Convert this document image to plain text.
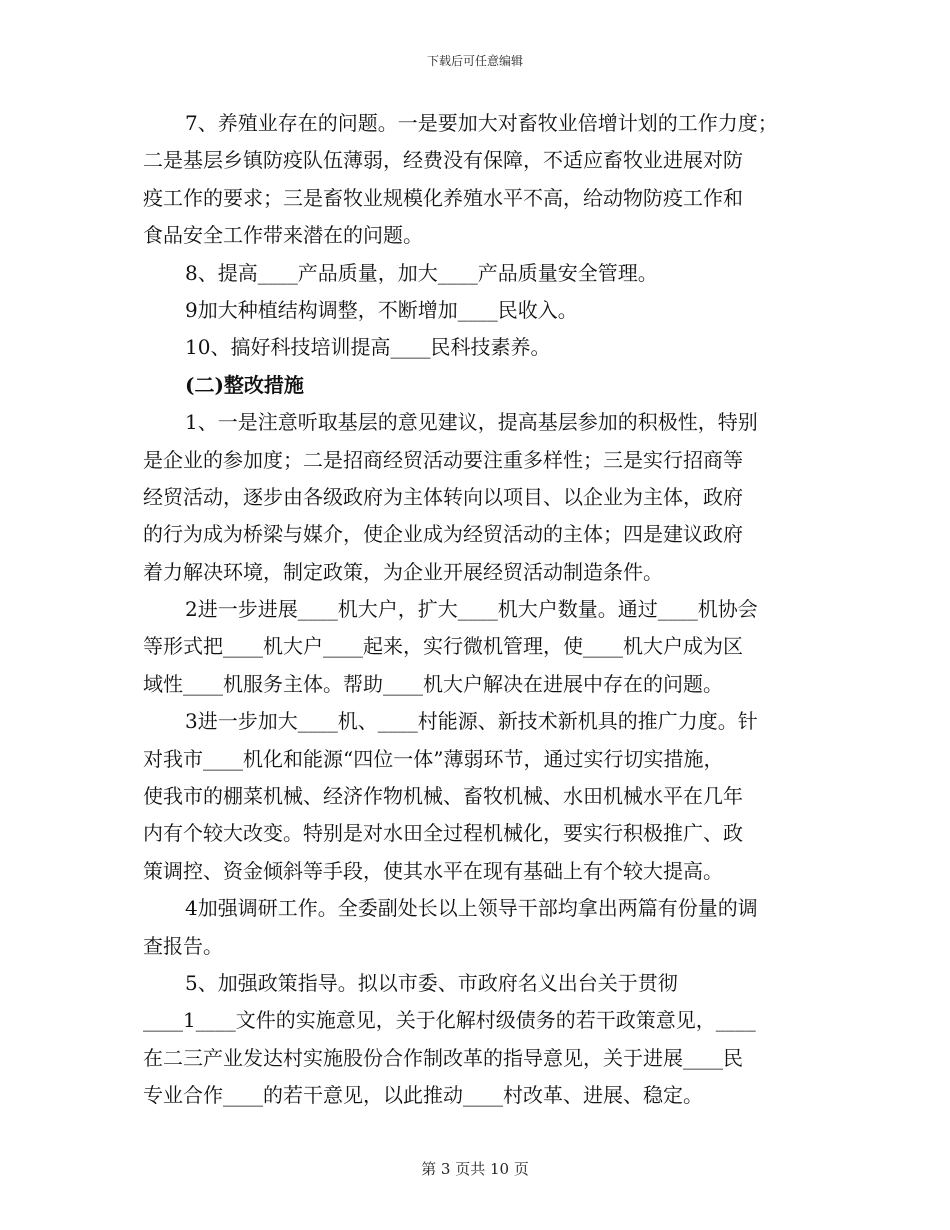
下载后可任意编辑
7、养殖业存在的问题。一是要加大对畜牧业倍增计划的工作力度；
二是基层乡镇防疫队伍薄弱，经费没有保障，不适应畜牧业进展对防
疫工作的要求；三是畜牧业规模化养殖水平不高，给动物防疫工作和
食品安全工作带来潜在的问题。
8、提高____产品质量，加大____产品质量安全管理。
9加大种植结构调整，不断增加____民收入。
10、搞好科技培训提高____民科技素养。
(二)整改措施
1、一是注意听取基层的意见建议，提高基层参加的积极性，特别
是企业的参加度；二是招商经贸活动要注重多样性；三是实行招商等
经贸活动，逐步由各级政府为主体转向以项目、以企业为主体，政府
的行为成为桥梁与媒介，使企业成为经贸活动的主体；四是建议政府
着力解决环境，制定政策，为企业开展经贸活动制造条件。
2进一步进展____机大户，扩大____机大户数量。通过____机协会
等形式把____机大户____起来，实行微机管理，使____机大户成为区
域性____机服务主体。帮助____机大户解决在进展中存在的问题。
3进一步加大____机、____村能源、新技术新机具的推广力度。针
对我市____机化和能源“四位一体”薄弱环节，通过实行切实措施，
使我市的棚菜机械、经济作物机械、畜牧机械、水田机械水平在几年
内有个较大改变。特别是对水田全过程机械化，要实行积极推广、政
策调控、资金倾斜等手段，使其水平在现有基础上有个较大提高。
4加强调研工作。全委副处长以上领导干部均拿出两篇有份量的调
查报告。
5、加强政策指导。拟以市委、市政府名义出台关于贯彻
____1____文件的实施意见，关于化解村级债务的若干政策意见，____
在二三产业发达村实施股份合作制改革的指导意见，关于进展____民
专业合作____的若干意见，以此推动____村改革、进展、稳定。
第 3 页共 10 页
